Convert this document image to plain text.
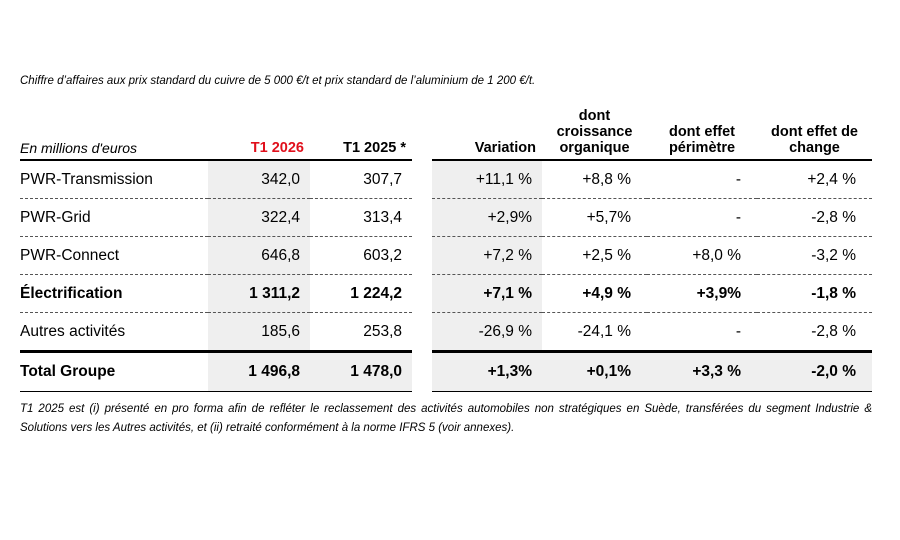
Chiffre d’affaires aux prix standard du cuivre de 5 000 €/t et prix standard de l’aluminium de 1 200 €/t.
En millions d'euros	T1 2026	T1 2025 *		Variation	dont croissance organique	dont effet périmètre	dont effet de change
PWR-Transmission	342,0	307,7		+11,1 %	+8,8 %	-	+2,4 %
PWR-Grid	322,4	313,4		+2,9%	+5,7%	-	-2,8 %
PWR-Connect	646,8	603,2		+7,2 %	+2,5 %	+8,0 %	-3,2 %
Électrification	1 311,2	1 224,2		+7,1 %	+4,9 %	+3,9%	-1,8 %
Autres activités	185,6	253,8		-26,9 %	-24,1 %	-	-2,8 %
Total Groupe	1 496,8	1 478,0		+1,3%	+0,1%	+3,3 %	-2,0 %
T1 2025 est (i) présenté en pro forma afin de refléter le reclassement des activités automobiles non stratégiques en Suède, transférées du segment Industrie & Solutions vers les Autres activités, et (ii) retraité conformément à la norme IFRS 5 (voir annexes).
